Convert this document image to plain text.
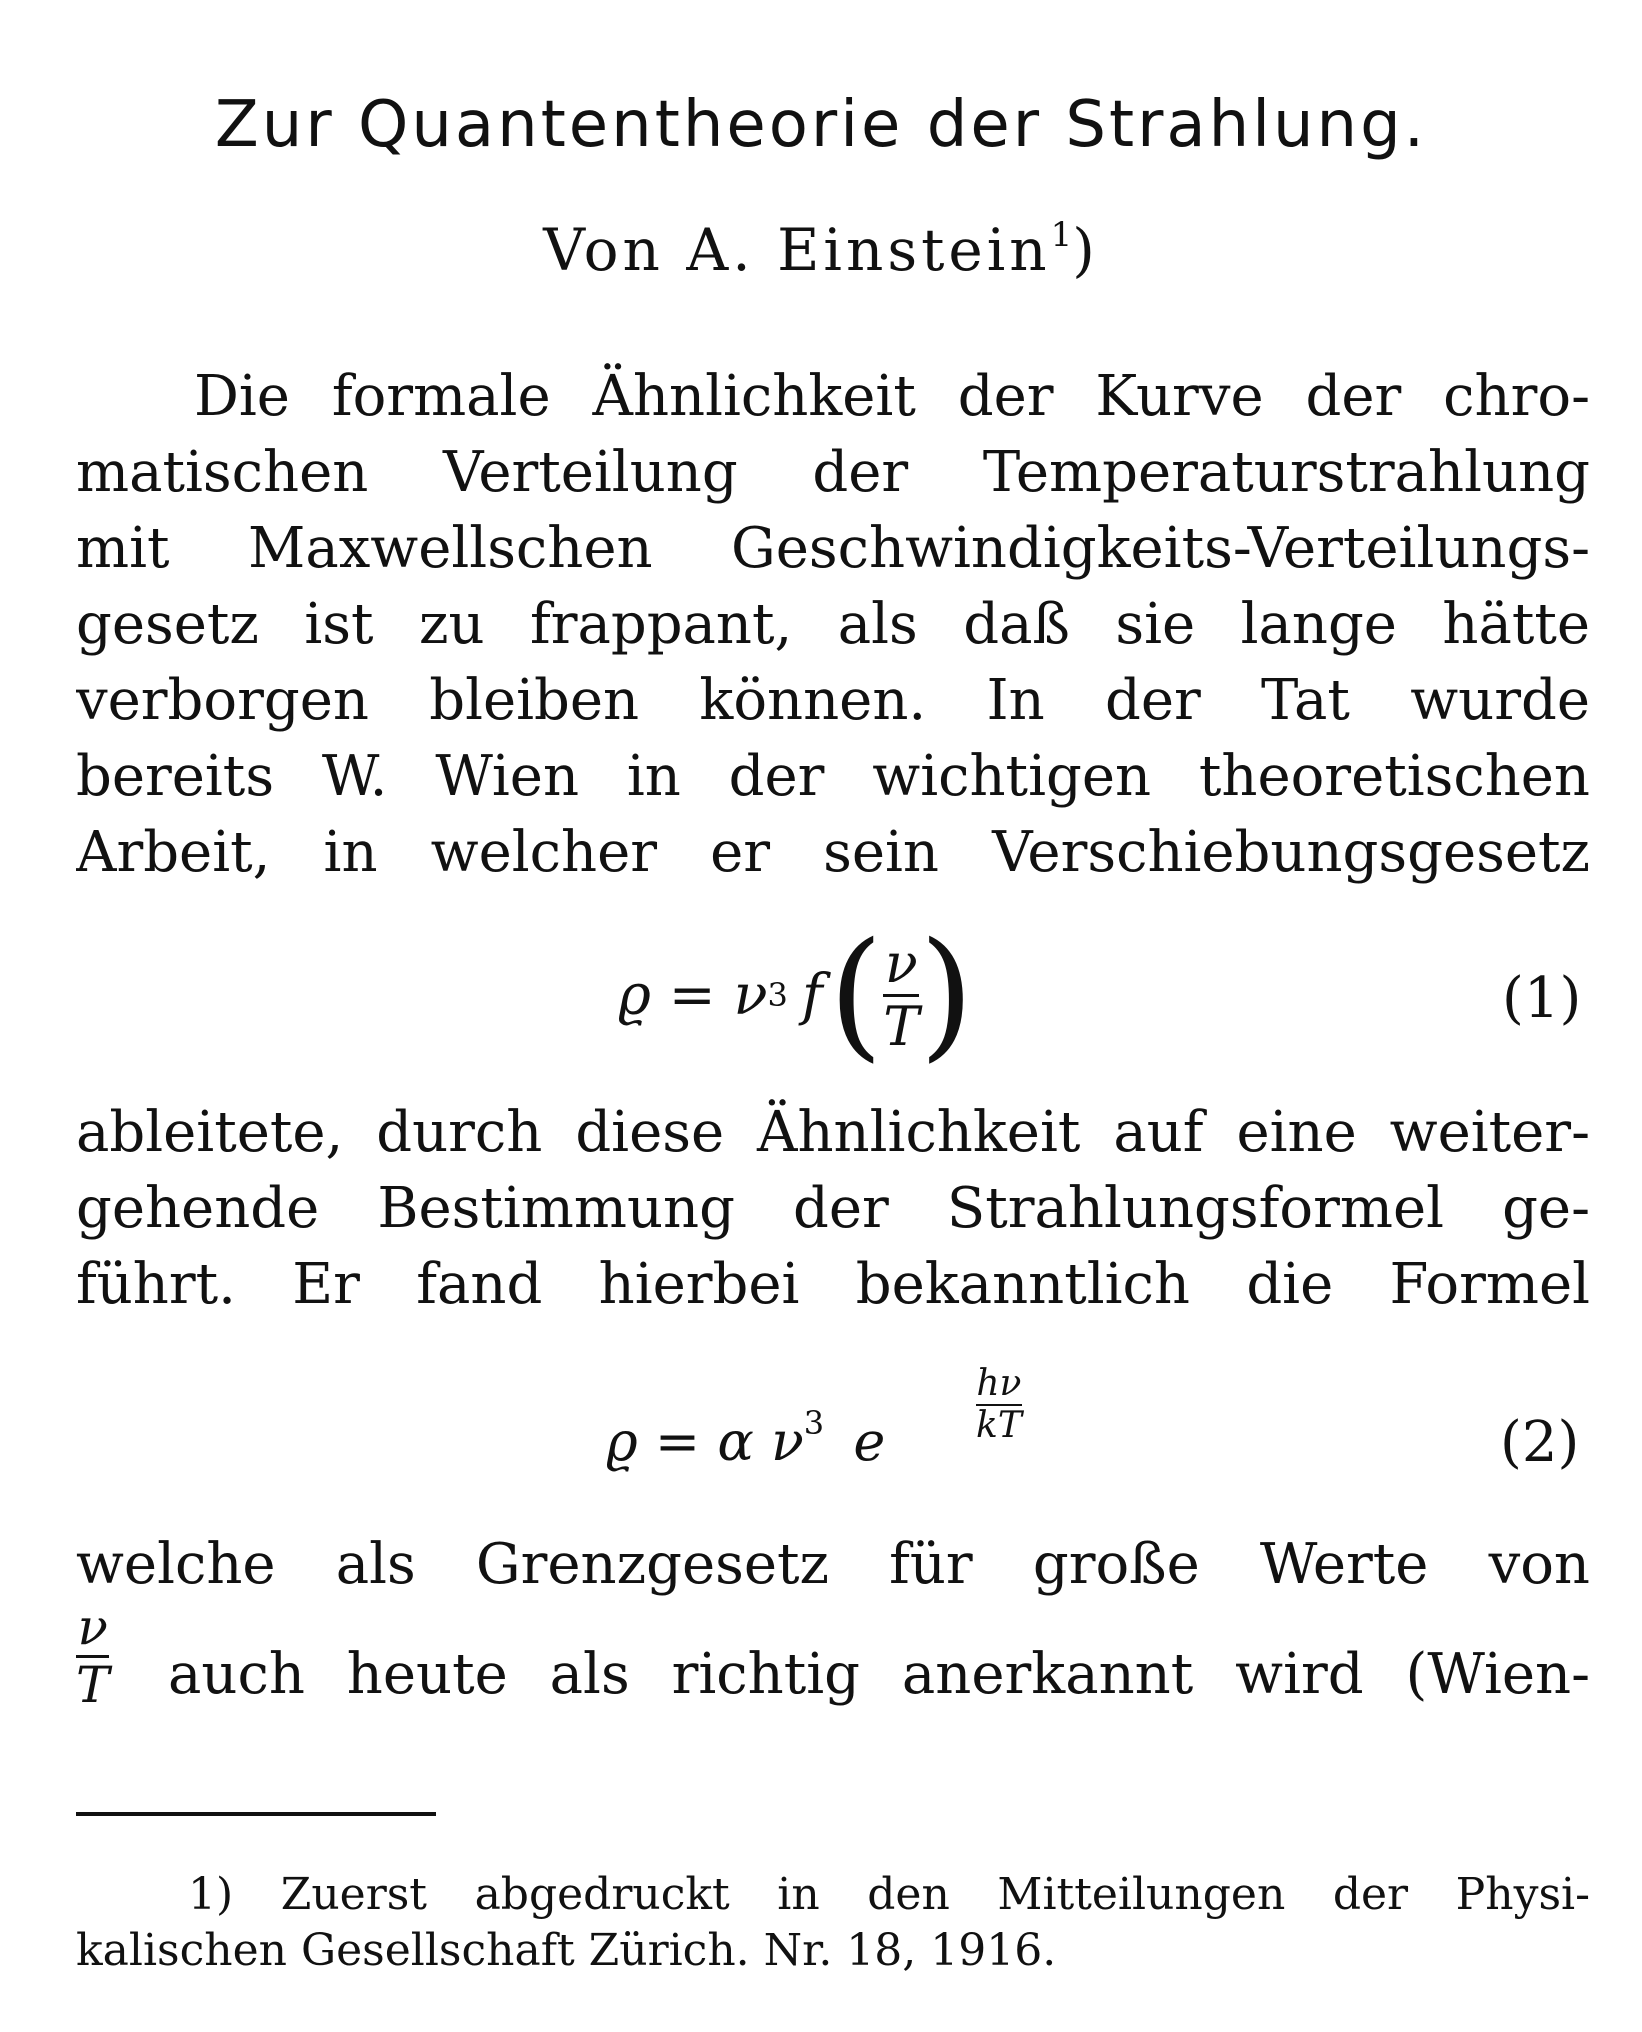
Zur Quantentheorie der Strahlung.
Von A. Einstein$^1$)
Die formale Ähnlichkeit der Kurve der chro-
matischen Verteilung der Temperaturstrahlung
mit Maxwellschen Geschwindigkeits-Verteilungs-
gesetz ist zu frappant, als daß sie lange hätte
verborgen bleiben können. In der Tat wurde
bereits W. Wien in der wichtigen theoretischen
Arbeit, in welcher er sein Verschiebungsgesetz
ϱ = ν 3 f ( $\frac{\nu}{T}$ )	(1)
ableitete, durch diese Ähnlichkeit auf eine weiter-
gehende Bestimmung der Strahlungsformel ge-
führt. Er fand hierbei bekanntlich die Formel
ϱ = α $\nu^3$ e	$\frac{h\nu}{kT}$	(2)
welche als Grenzgesetz für große Werte von
$\frac{\nu}{T}$ auch heute als richtig anerkannt wird (Wien-
1) Zuerst abgedruckt in den Mitteilungen der Physi-
kalischen Gesellschaft Zürich. Nr. 18, 1916.
